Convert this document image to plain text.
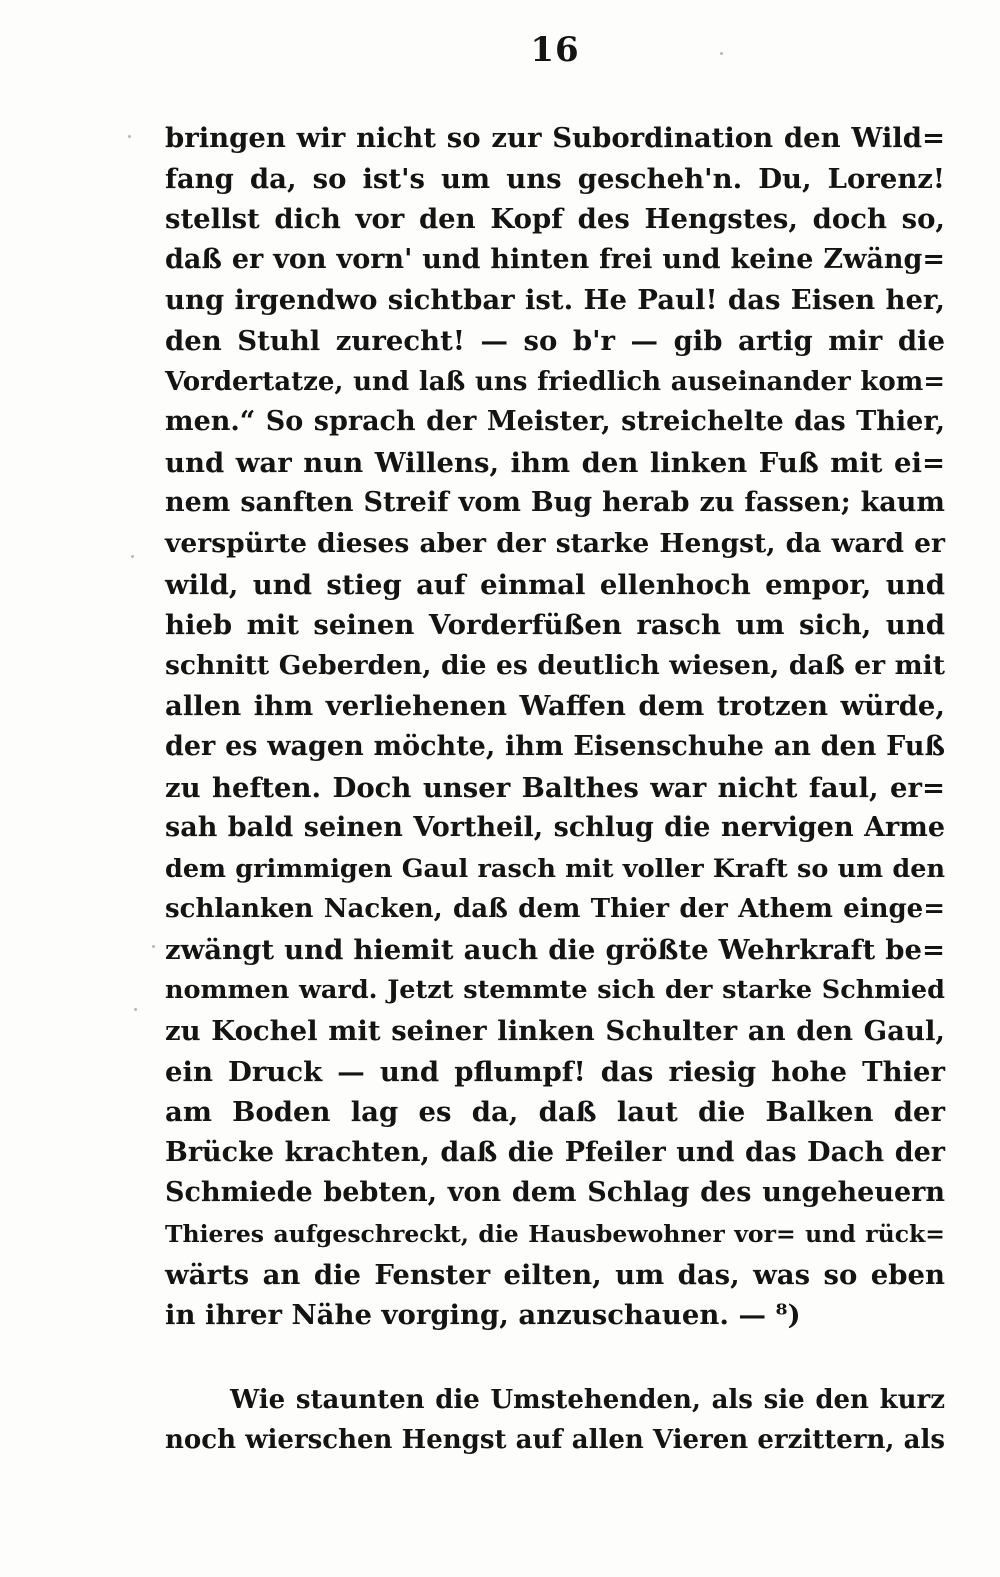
16
bringen wir nicht so zur Subordination den Wild=
fang da, so ist's um uns gescheh'n. Du, Lorenz!
stellst dich vor den Kopf des Hengstes, doch so,
daß er von vorn' und hinten frei und keine Zwäng=
ung irgendwo sichtbar ist. He Paul! das Eisen her,
den Stuhl zurecht! — so b'r — gib artig mir die
Vordertatze, und laß uns friedlich auseinander kom=
men.“ So sprach der Meister, streichelte das Thier,
und war nun Willens, ihm den linken Fuß mit ei=
nem sanften Streif vom Bug herab zu fassen; kaum
verspürte dieses aber der starke Hengst, da ward er
wild, und stieg auf einmal ellenhoch empor, und
hieb mit seinen Vorderfüßen rasch um sich, und
schnitt Geberden, die es deutlich wiesen, daß er mit
allen ihm verliehenen Waffen dem trotzen würde,
der es wagen möchte, ihm Eisenschuhe an den Fuß
zu heften. Doch unser Balthes war nicht faul, er=
sah bald seinen Vortheil, schlug die nervigen Arme
dem grimmigen Gaul rasch mit voller Kraft so um den
schlanken Nacken, daß dem Thier der Athem einge=
zwängt und hiemit auch die größte Wehrkraft be=
nommen ward. Jetzt stemmte sich der starke Schmied
zu Kochel mit seiner linken Schulter an den Gaul,
ein Druck — und pflumpf! das riesig hohe Thier
am Boden lag es da, daß laut die Balken der
Brücke krachten, daß die Pfeiler und das Dach der
Schmiede bebten, von dem Schlag des ungeheuern
Thieres aufgeschreckt, die Hausbewohner vor= und rück=
wärts an die Fenster eilten, um das, was so eben
in ihrer Nähe vorging, anzuschauen. — ⁸)
Wie staunten die Umstehenden, als sie den kurz
noch wierschen Hengst auf allen Vieren erzittern, als
